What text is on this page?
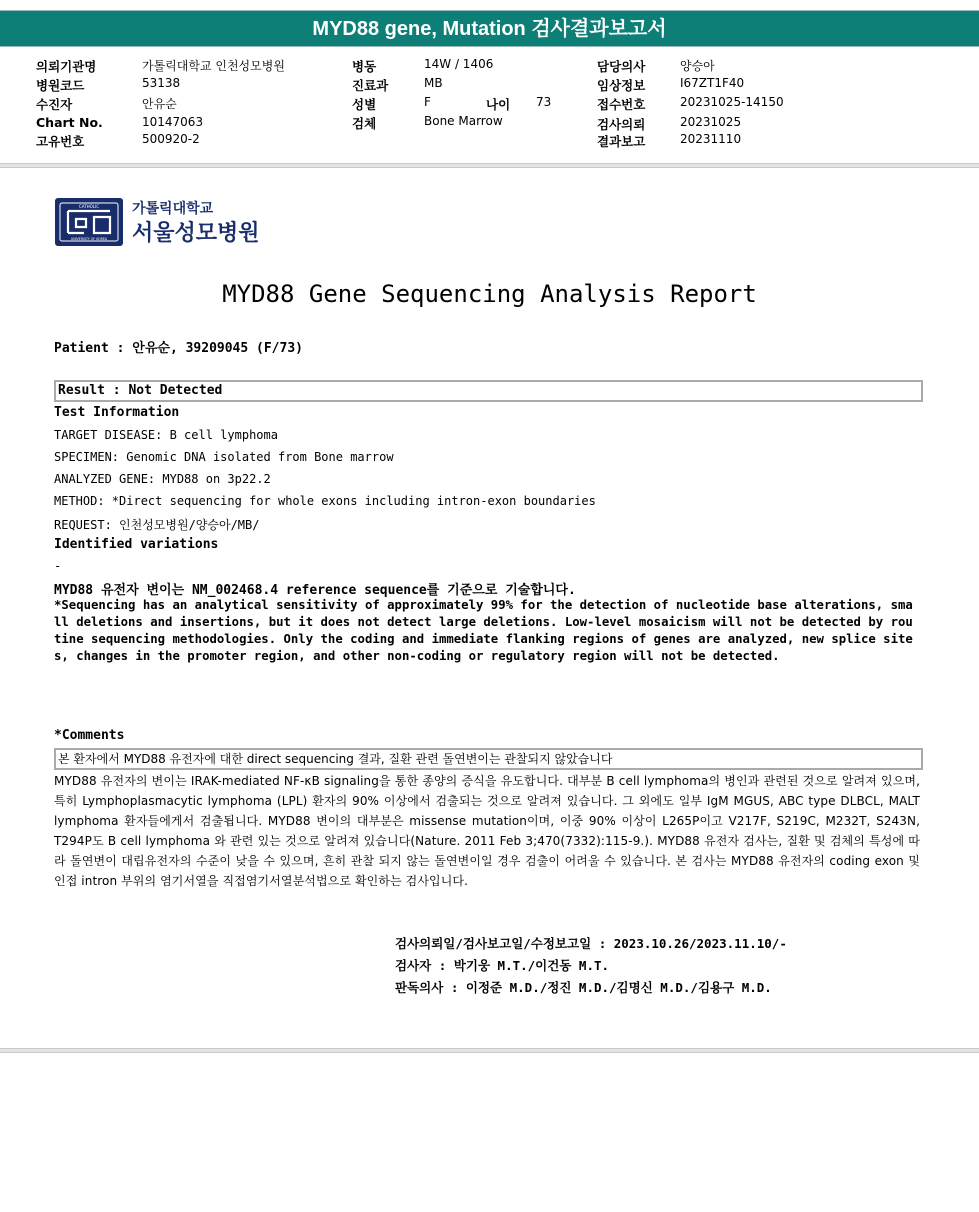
MYD88 gene, Mutation 검사결과보고서
의뢰기관명	가톨릭대학교 인천성모병원
병원코드	53138
수진자	안유순
Chart No.	10147063
고유번호	500920-2
병동	14W / 1406
진료과	MB
성별	F	나이 73
검체	Bone Marrow
담당의사	양승아
임상정보	I67ZT1F40
접수번호	20231025-14150
검사의뢰	20231025
결과보고	20231110
CATHOLIC
UNIVERSITY OF KOREA
가톨릭대학교
서울성모병원
MYD88 Gene Sequencing Analysis Report
Patient : 안유순, 39209045 (F/73)
Result : Not Detected
Test Information
TARGET DISEASE: B cell lymphoma
SPECIMEN: Genomic DNA isolated from Bone marrow
ANALYZED GENE: MYD88 on 3p22.2
METHOD: *Direct sequencing for whole exons including intron-exon boundaries
REQUEST: 인천성모병원/양승아/MB/
Identified variations
-
MYD88 유전자 변이는 NM_002468.4 reference sequence를 기준으로 기술합니다.
*Sequencing has an analytical sensitivity of approximately 99% for the detection of nucleotide base alterations, small deletions and insertions, but it does not detect large deletions. Low-level mosaicism will not be detected by routine sequencing methodologies. Only the coding and immediate flanking regions of genes are analyzed, new splice sites, changes in the promoter region, and other non-coding or regulatory region will not be detected.
*Comments
본 환자에서 MYD88 유전자에 대한 direct sequencing 결과, 질환 관련 돌연변이는 관찰되지 않았습니다
MYD88 유전자의 변이는 IRAK-mediated NF-κB signaling을 통한 종양의 증식을 유도합니다. 대부분 B cell lymphoma의 병인과 관련된 것으로 알려져 있으며, 특히 Lymphoplasmacytic lymphoma (LPL) 환자의 90% 이상에서 검출되는 것으로 알려져 있습니다. 그 외에도 일부 IgM MGUS, ABC type DLBCL, MALT lymphoma 환자들에게서 검출됩니다. MYD88 변이의 대부분은 missense mutation이며, 이중 90% 이상이 L265P이고 V217F, S219C, M232T, S243N, T294P도 B cell lymphoma 와 관련 있는 것으로 알려져 있습니다(Nature. 2011 Feb 3;470(7332):115-9.). MYD88 유전자 검사는, 질환 및 검체의 특성에 따라 돌연변이 대립유전자의 수준이 낮을 수 있으며, 흔히 관찰 되지 않는 돌연변이일 경우 검출이 어려울 수 있습니다. 본 검사는 MYD88 유전자의 coding exon 및 인접 intron 부위의 염기서열을 직접염기서열분석법으로 확인하는 검사입니다.
검사의뢰일/검사보고일/수정보고일 : 2023.10.26/2023.11.10/-
검사자 : 박기웅 M.T./이건동 M.T.
판독의사 : 이정준 M.D./정진 M.D./김명신 M.D./김용구 M.D.
